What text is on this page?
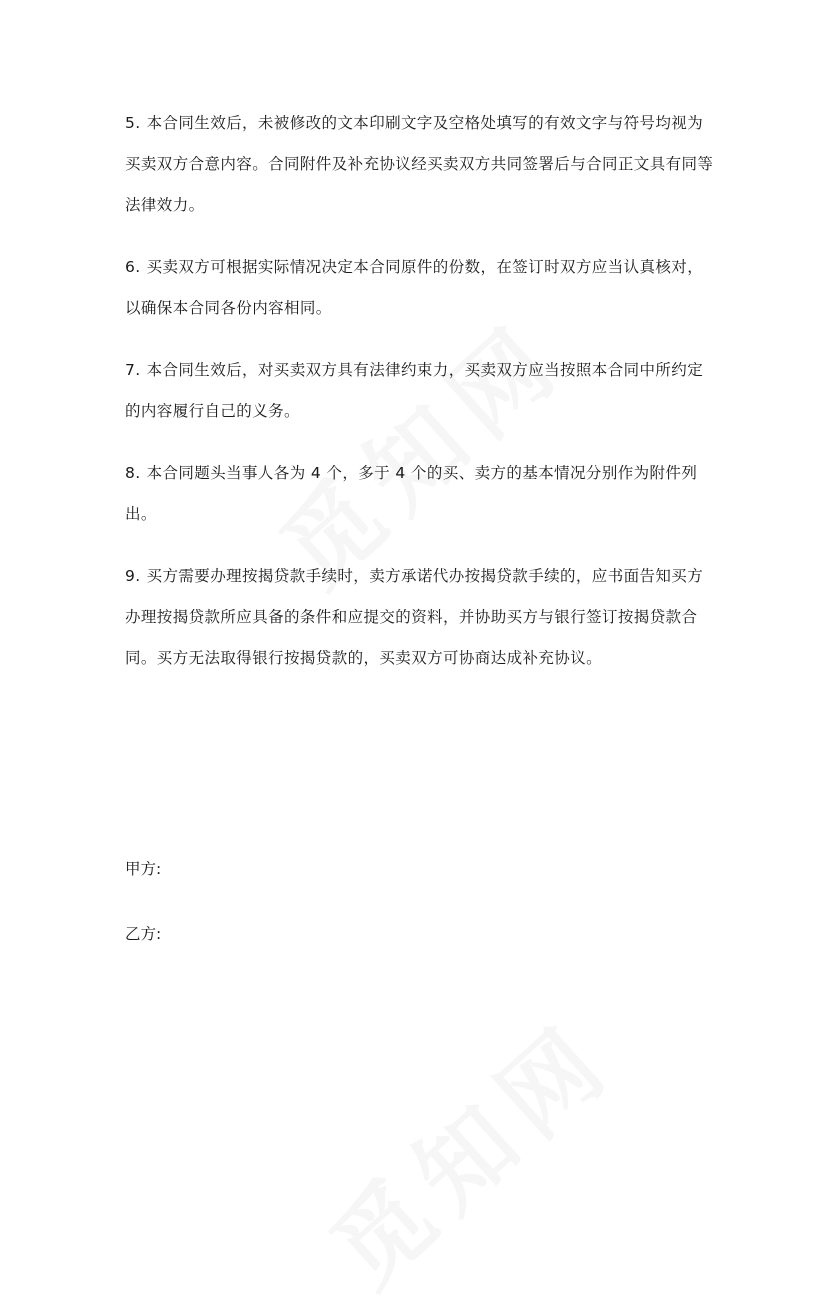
5. 本合同生效后，未被修改的文本印刷文字及空格处填写的有效文字与符号均视为买卖双方合意内容。合同附件及补充协议经买卖双方共同签署后与合同正文具有同等法律效力。

6. 买卖双方可根据实际情况决定本合同原件的份数，在签订时双方应当认真核对，以确保本合同各份内容相同。

7. 本合同生效后，对买卖双方具有法律约束力，买卖双方应当按照本合同中所约定的内容履行自己的义务。

8. 本合同题头当事人各为 4 个，多于 4 个的买、卖方的基本情况分别作为附件列出。

9. 买方需要办理按揭贷款手续时，卖方承诺代办按揭贷款手续的，应书面告知买方办理按揭贷款所应具备的条件和应提交的资料，并协助买方与银行签订按揭贷款合同。买方无法取得银行按揭贷款的，买卖双方可协商达成补充协议。

甲方:
乙方:
